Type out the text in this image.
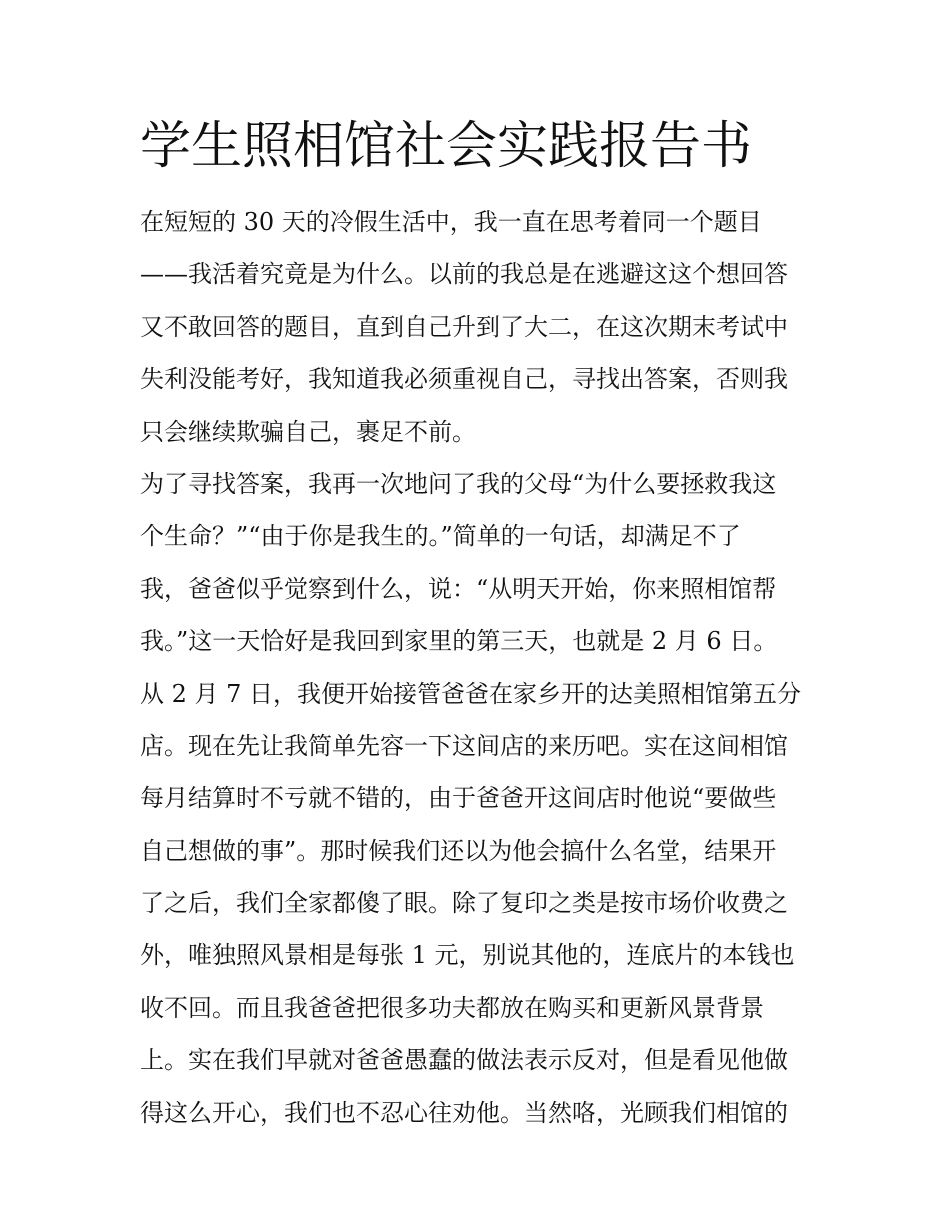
学生照相馆社会实践报告书
在短短的 30 天的冷假生活中，我一直在思考着同一个题目
——我活着究竟是为什么。以前的我总是在逃避这这个想回答
又不敢回答的题目，直到自己升到了大二，在这次期末考试中
失利没能考好，我知道我必须重视自己，寻找出答案，否则我
只会继续欺骗自己，裹足不前。
为了寻找答案，我再一次地问了我的父母“为什么要拯救我这
个生命？”“由于你是我生的。”简单的一句话，却满足不了
我，爸爸似乎觉察到什么，说：“从明天开始，你来照相馆帮
我。”这一天恰好是我回到家里的第三天，也就是 2 月 6 日。
从 2 月 7 日，我便开始接管爸爸在家乡开的达美照相馆第五分
店。现在先让我简单先容一下这间店的来历吧。实在这间相馆
每月结算时不亏就不错的，由于爸爸开这间店时他说“要做些
自己想做的事”。那时候我们还以为他会搞什么名堂，结果开
了之后，我们全家都傻了眼。除了复印之类是按市场价收费之
外，唯独照风景相是每张 1 元，别说其他的，连底片的本钱也
收不回。而且我爸爸把很多功夫都放在购买和更新风景背景
上。实在我们早就对爸爸愚蠢的做法表示反对，但是看见他做
得这么开心，我们也不忍心往劝他。当然咯，光顾我们相馆的
